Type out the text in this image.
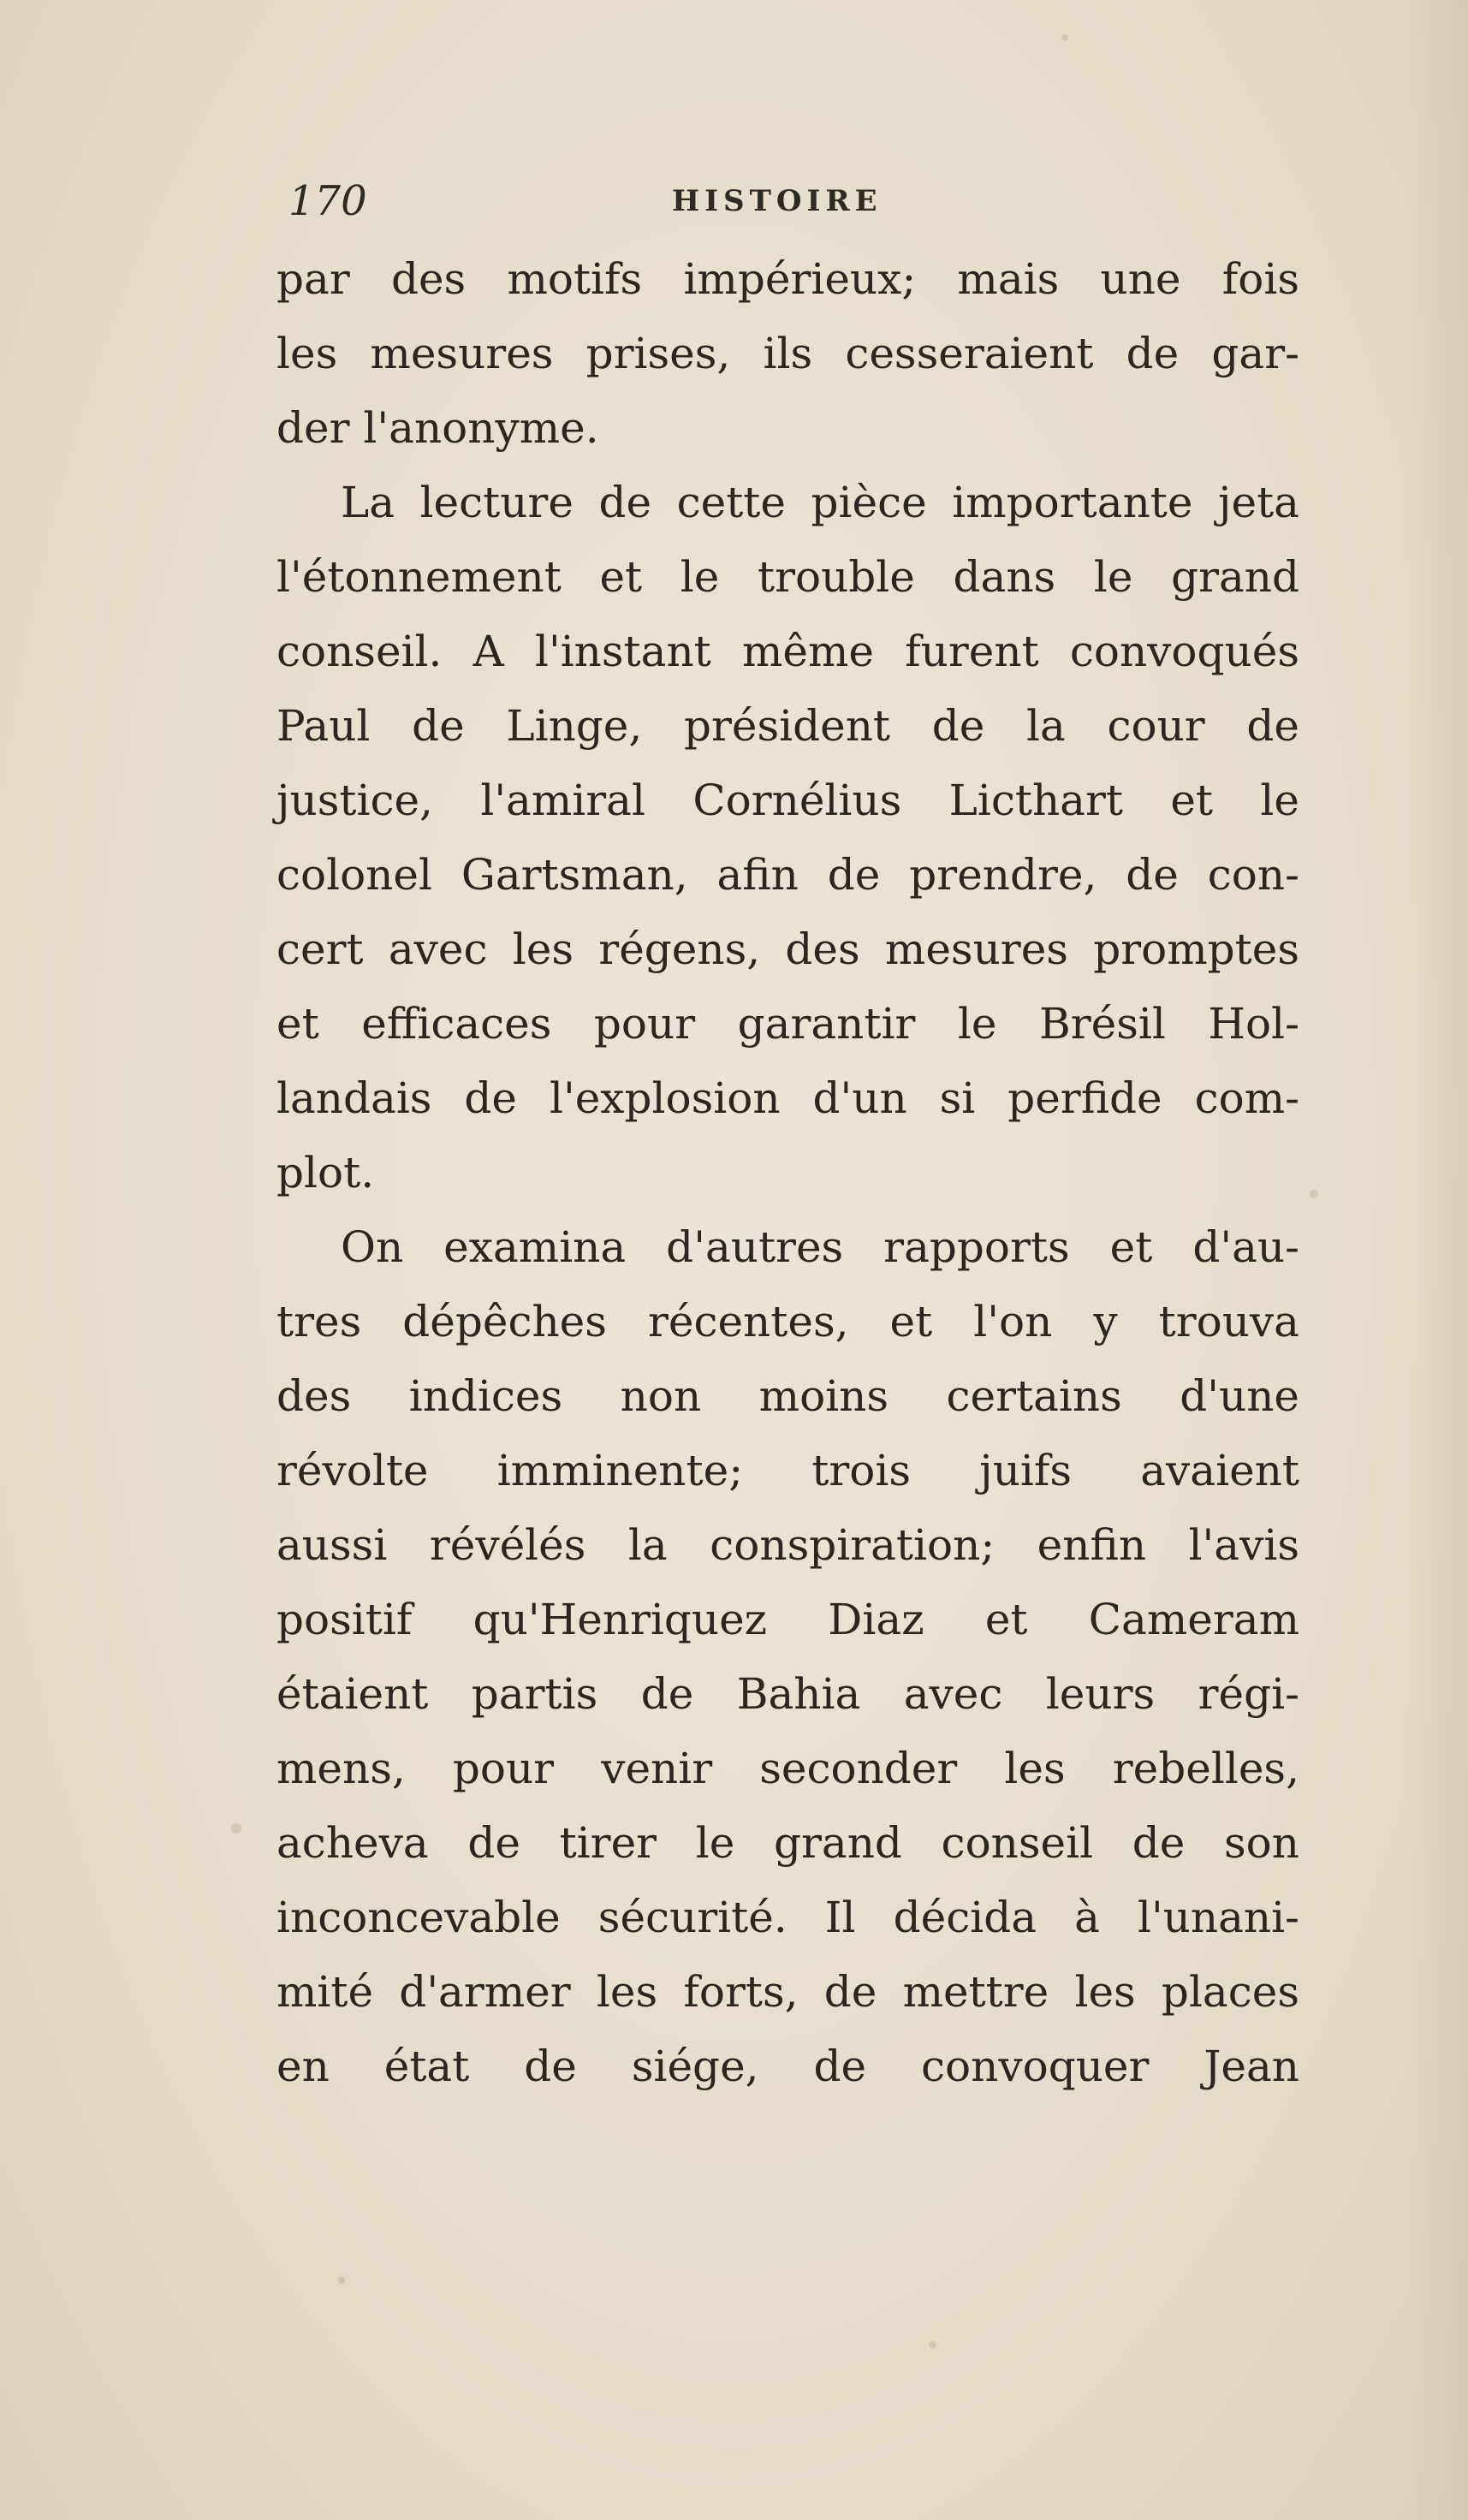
170	HISTOIRE
par des motifs impérieux; mais une fois
les mesures prises, ils cesseraient de gar-
der l'anonyme.
La lecture de cette pièce importante jeta
l'étonnement et le trouble dans le grand
conseil. A l'instant même furent convoqués
Paul de Linge, président de la cour de
justice, l'amiral Cornélius Licthart et le
colonel Gartsman, afin de prendre, de con-
cert avec les régens, des mesures promptes
et efficaces pour garantir le Brésil Hol-
landais de l'explosion d'un si perfide com-
plot.
On examina d'autres rapports et d'au-
tres dépêches récentes, et l'on y trouva
des indices non moins certains d'une
révolte imminente; trois juifs avaient
aussi révélés la conspiration; enfin l'avis
positif qu'Henriquez Diaz et Cameram
étaient partis de Bahia avec leurs régi-
mens, pour venir seconder les rebelles,
acheva de tirer le grand conseil de son
inconcevable sécurité. Il décida à l'unani-
mité d'armer les forts, de mettre les places
en état de siége, de convoquer Jean
